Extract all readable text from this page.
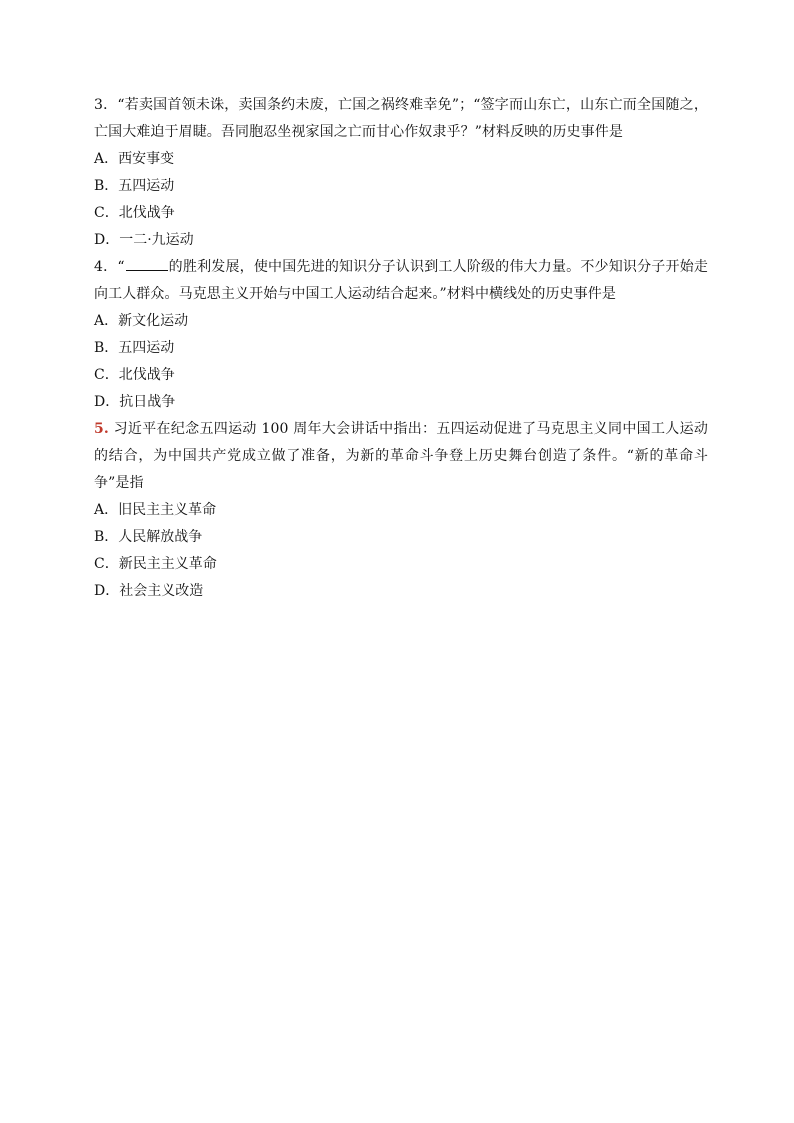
3．“若卖国首领未诛，卖国条约未废，亡国之祸终难幸免”；“签字而山东亡，山东亡而全国随之，亡国大难迫于眉睫。吾同胞忍坐视家国之亡而甘心作奴隶乎？”材料反映的历史事件是
A．西安事变
B．五四运动
C．北伐战争
D．一二·九运动
4．“	的胜利发展，使中国先进的知识分子认识到工人阶级的伟大力量。不少知识分子开始走向工人群众。马克思主义开始与中国工人运动结合起来。”材料中横线处的历史事件是
A．新文化运动
B．五四运动
C．北伐战争
D．抗日战争
5. 习近平在纪念五四运动 100 周年大会讲话中指出：五四运动促进了马克思主义同中国工人运动的结合，为中国共产党成立做了准备，为新的革命斗争登上历史舞台创造了条件。“新的革命斗争”是指
A．旧民主主义革命
B．人民解放战争
C．新民主主义革命
D．社会主义改造
